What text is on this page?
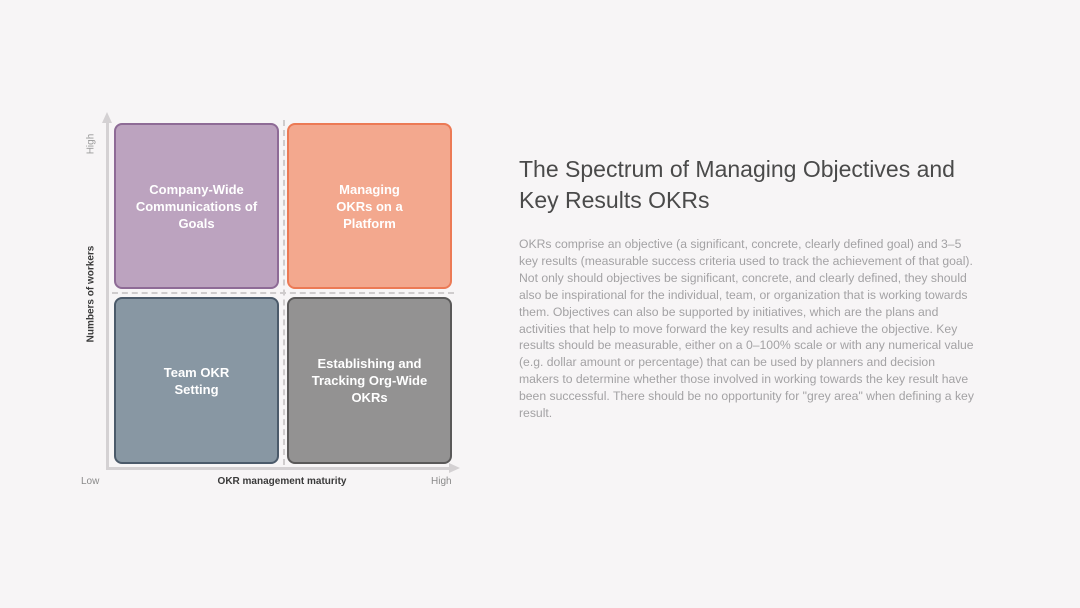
Company-Wide
Communications of
Goals
Managing
OKRs on a
Platform
Team OKR
Setting
Establishing and
Tracking Org-Wide
OKRs
Numbers of workers
High
Low	OKR management maturity	High
The Spectrum of Managing Objectives and Key Results OKRs

OKRs comprise an objective (a significant, concrete, clearly defined goal) and 3–5 key results (measurable success criteria used to track the achievement of that goal). Not only should objectives be significant, concrete, and clearly defined, they should also be inspirational for the individual, team, or organization that is working towards them. Objectives can also be supported by initiatives, which are the plans and activities that help to move forward the key results and achieve the objective. Key results should be measurable, either on a 0–100% scale or with any numerical value (e.g. dollar amount or percentage) that can be used by planners and decision makers to determine whether those involved in working towards the key result have been successful. There should be no opportunity for "grey area" when defining a key result.
